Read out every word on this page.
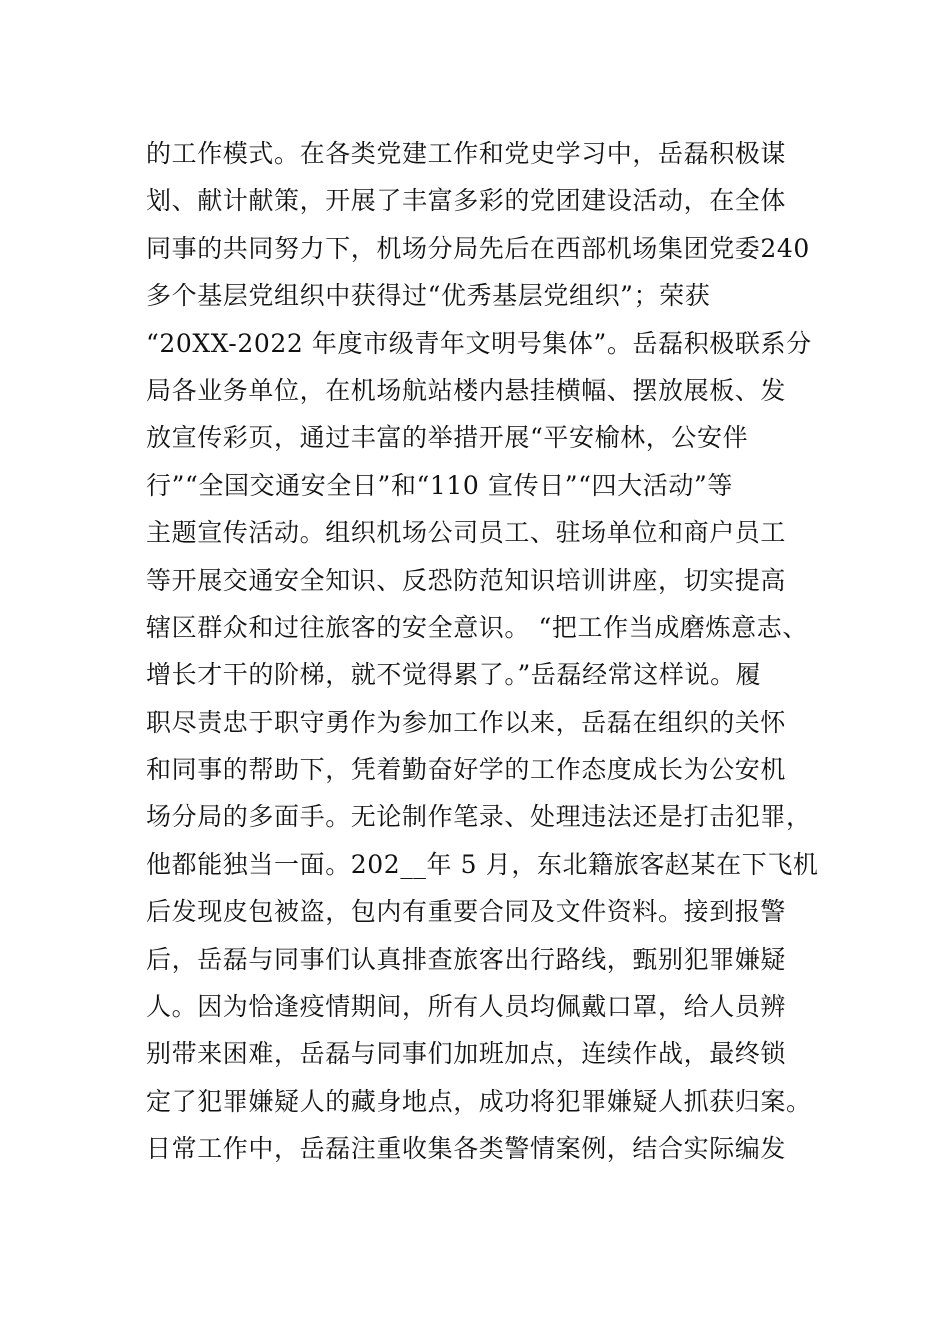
的工作模式。在各类党建工作和党史学习中，岳磊积极谋
划、献计献策，开展了丰富多彩的党团建设活动，在全体
同事的共同努力下，机场分局先后在西部机场集团党委240
多个基层党组织中获得过“优秀基层党组织”；荣获
“20XX-2022 年度市级青年文明号集体”。岳磊积极联系分
局各业务单位，在机场航站楼内悬挂横幅、摆放展板、发
放宣传彩页，通过丰富的举措开展“平安榆林，公安伴
行”“全国交通安全日”和“110 宣传日”“四大活动”等
主题宣传活动。组织机场公司员工、驻场单位和商户员工
等开展交通安全知识、反恐防范知识培训讲座，切实提高
辖区群众和过往旅客的安全意识。 “把工作当成磨炼意志、
增长才干的阶梯，就不觉得累了。”岳磊经常这样说。履
职尽责忠于职守勇作为参加工作以来，岳磊在组织的关怀
和同事的帮助下，凭着勤奋好学的工作态度成长为公安机
场分局的多面手。无论制作笔录、处理违法还是打击犯罪，
他都能独当一面。202__年 5 月，东北籍旅客赵某在下飞机
后发现皮包被盗，包内有重要合同及文件资料。接到报警
后，岳磊与同事们认真排查旅客出行路线，甄别犯罪嫌疑
人。因为恰逢疫情期间，所有人员均佩戴口罩，给人员辨
别带来困难，岳磊与同事们加班加点，连续作战，最终锁
定了犯罪嫌疑人的藏身地点，成功将犯罪嫌疑人抓获归案。
日常工作中，岳磊注重收集各类警情案例，结合实际编发
